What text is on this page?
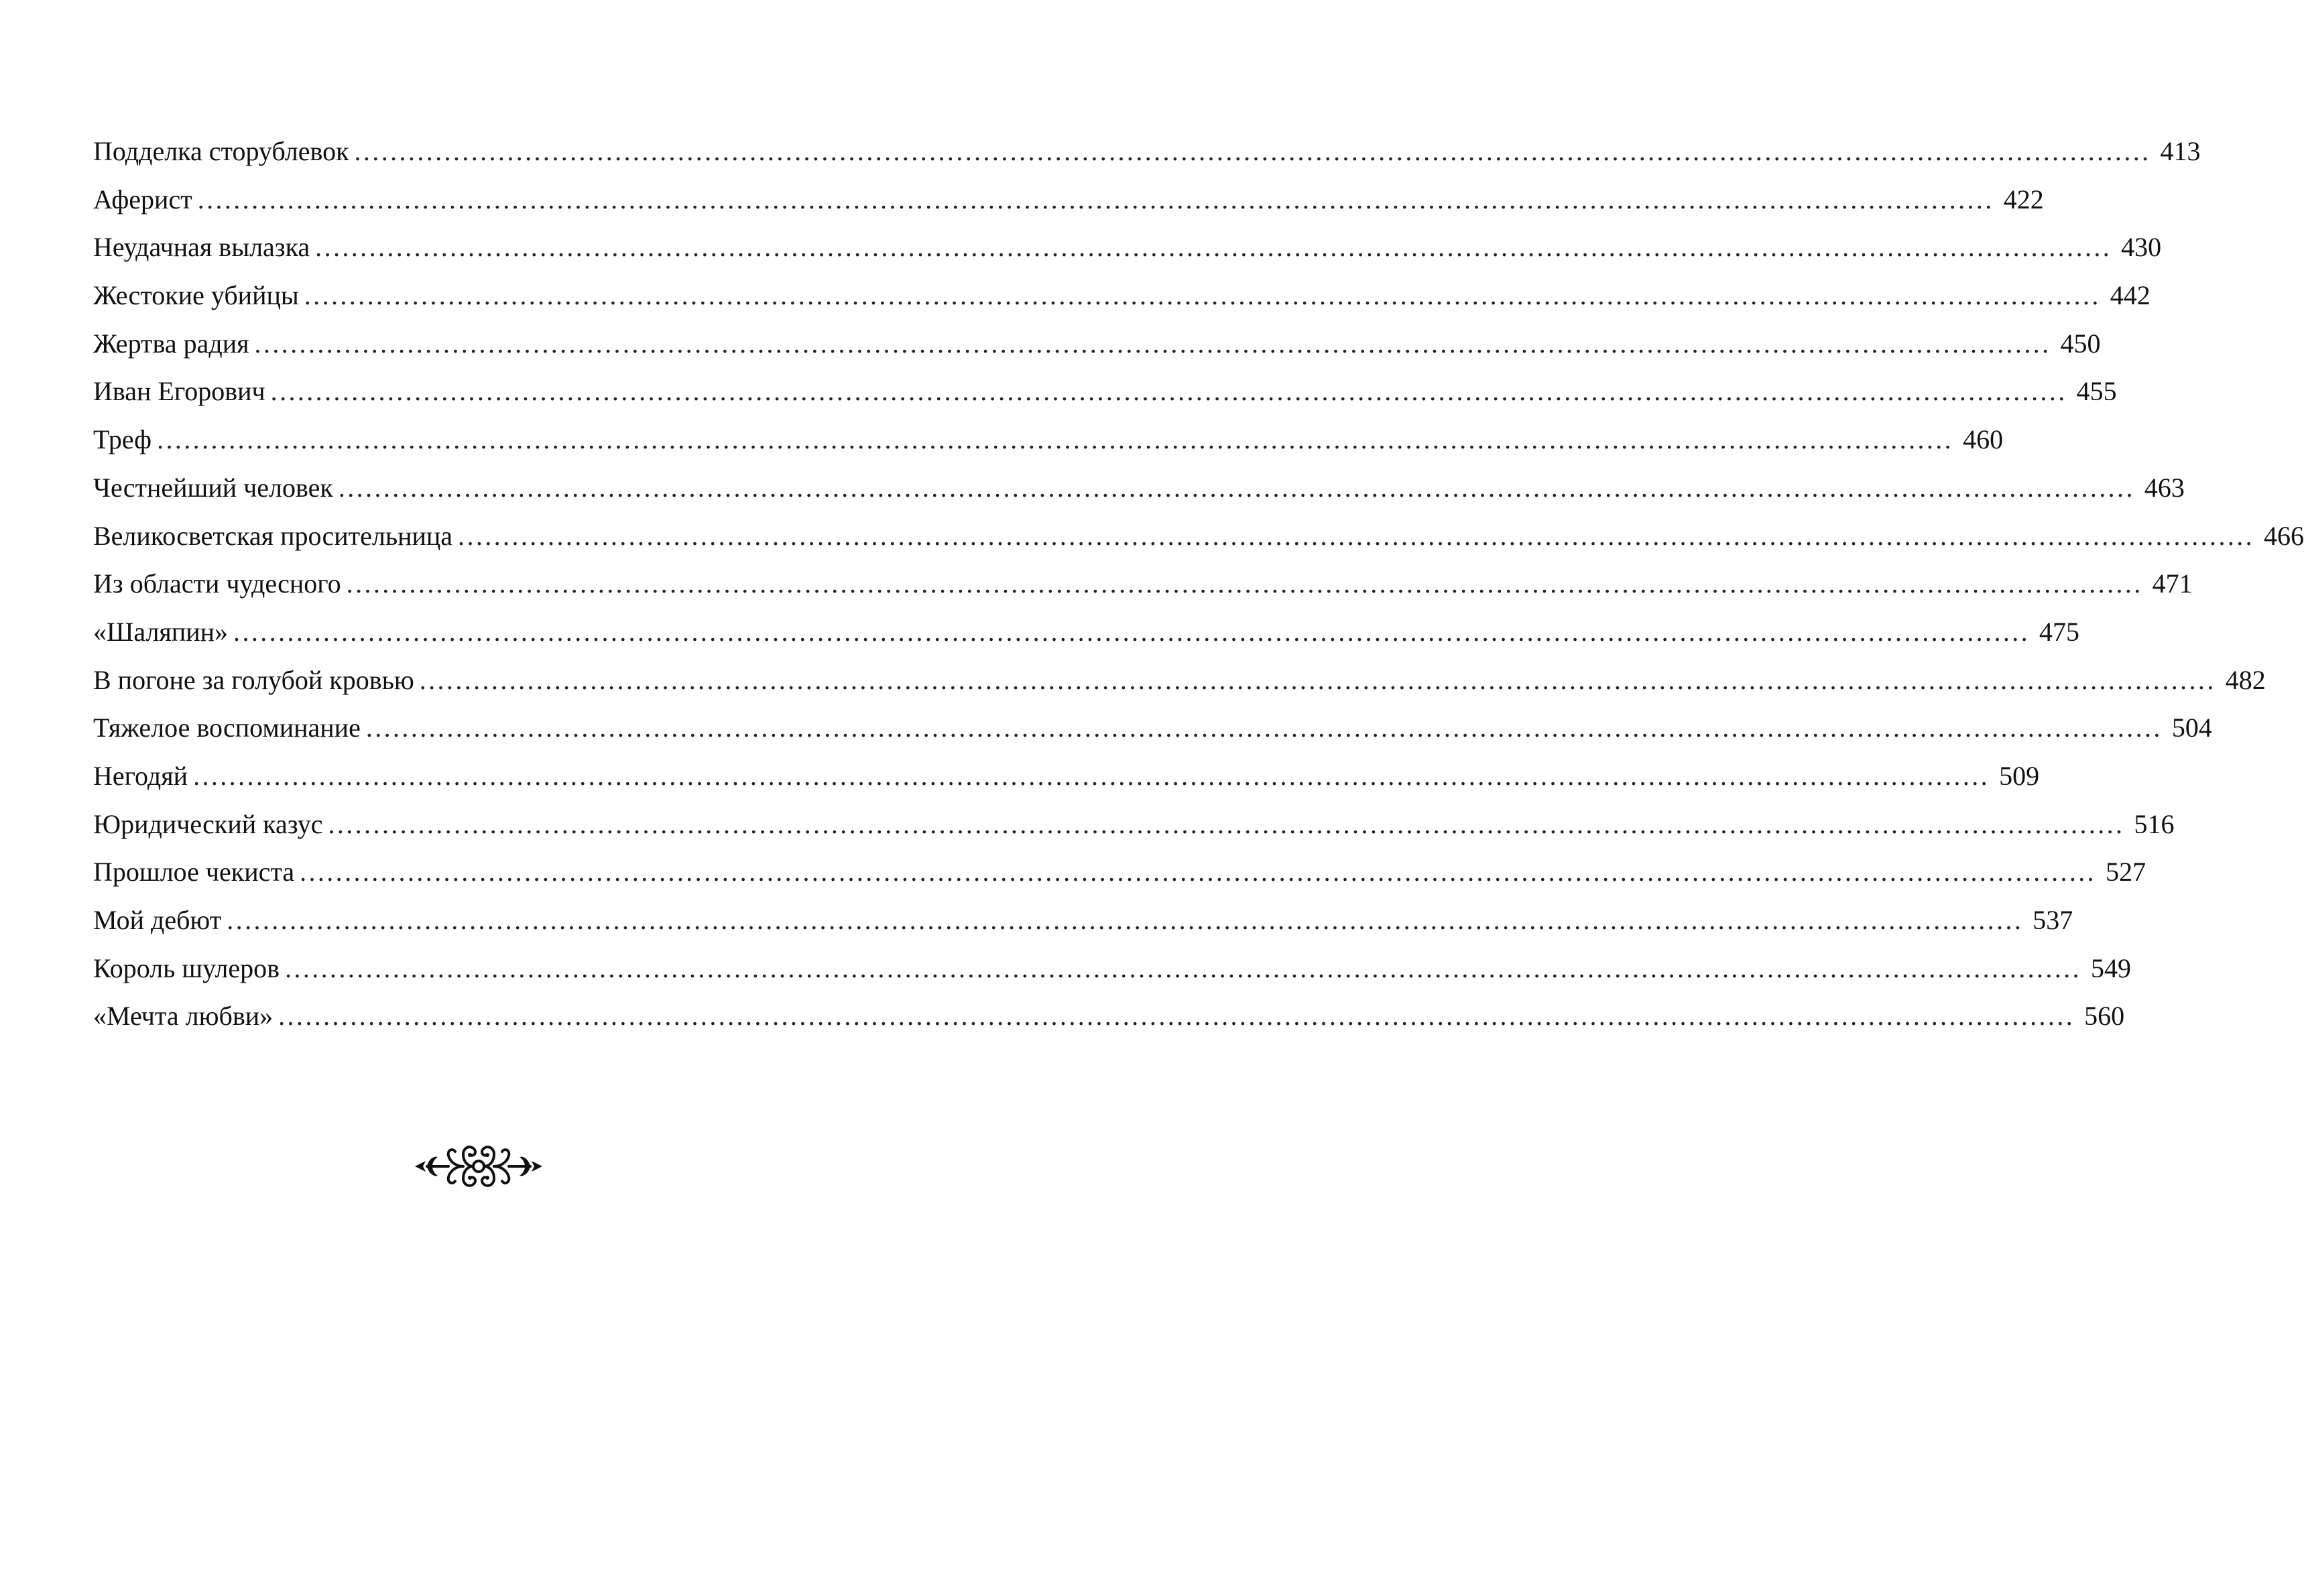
Подделка сторублевок ........................................................................................................................................................................................................ 413
Аферист ........................................................................................................................................................................................................ 422
Неудачная вылазка ........................................................................................................................................................................................................ 430
Жестокие убийцы ........................................................................................................................................................................................................ 442
Жертва радия ........................................................................................................................................................................................................ 450
Иван Егорович ........................................................................................................................................................................................................ 455
Треф ........................................................................................................................................................................................................ 460
Честнейший человек ........................................................................................................................................................................................................ 463
Великосветская просительница ........................................................................................................................................................................................................ 466
Из области чудесного ........................................................................................................................................................................................................ 471
«Шаляпин» ........................................................................................................................................................................................................ 475
В погоне за голубой кровью ........................................................................................................................................................................................................ 482
Тяжелое воспоминание ........................................................................................................................................................................................................ 504
Негодяй ........................................................................................................................................................................................................ 509
Юридический казус ........................................................................................................................................................................................................ 516
Прошлое чекиста ........................................................................................................................................................................................................ 527
Мой дебют ........................................................................................................................................................................................................ 537
Король шулеров ........................................................................................................................................................................................................ 549
«Мечта любви» ........................................................................................................................................................................................................ 560
